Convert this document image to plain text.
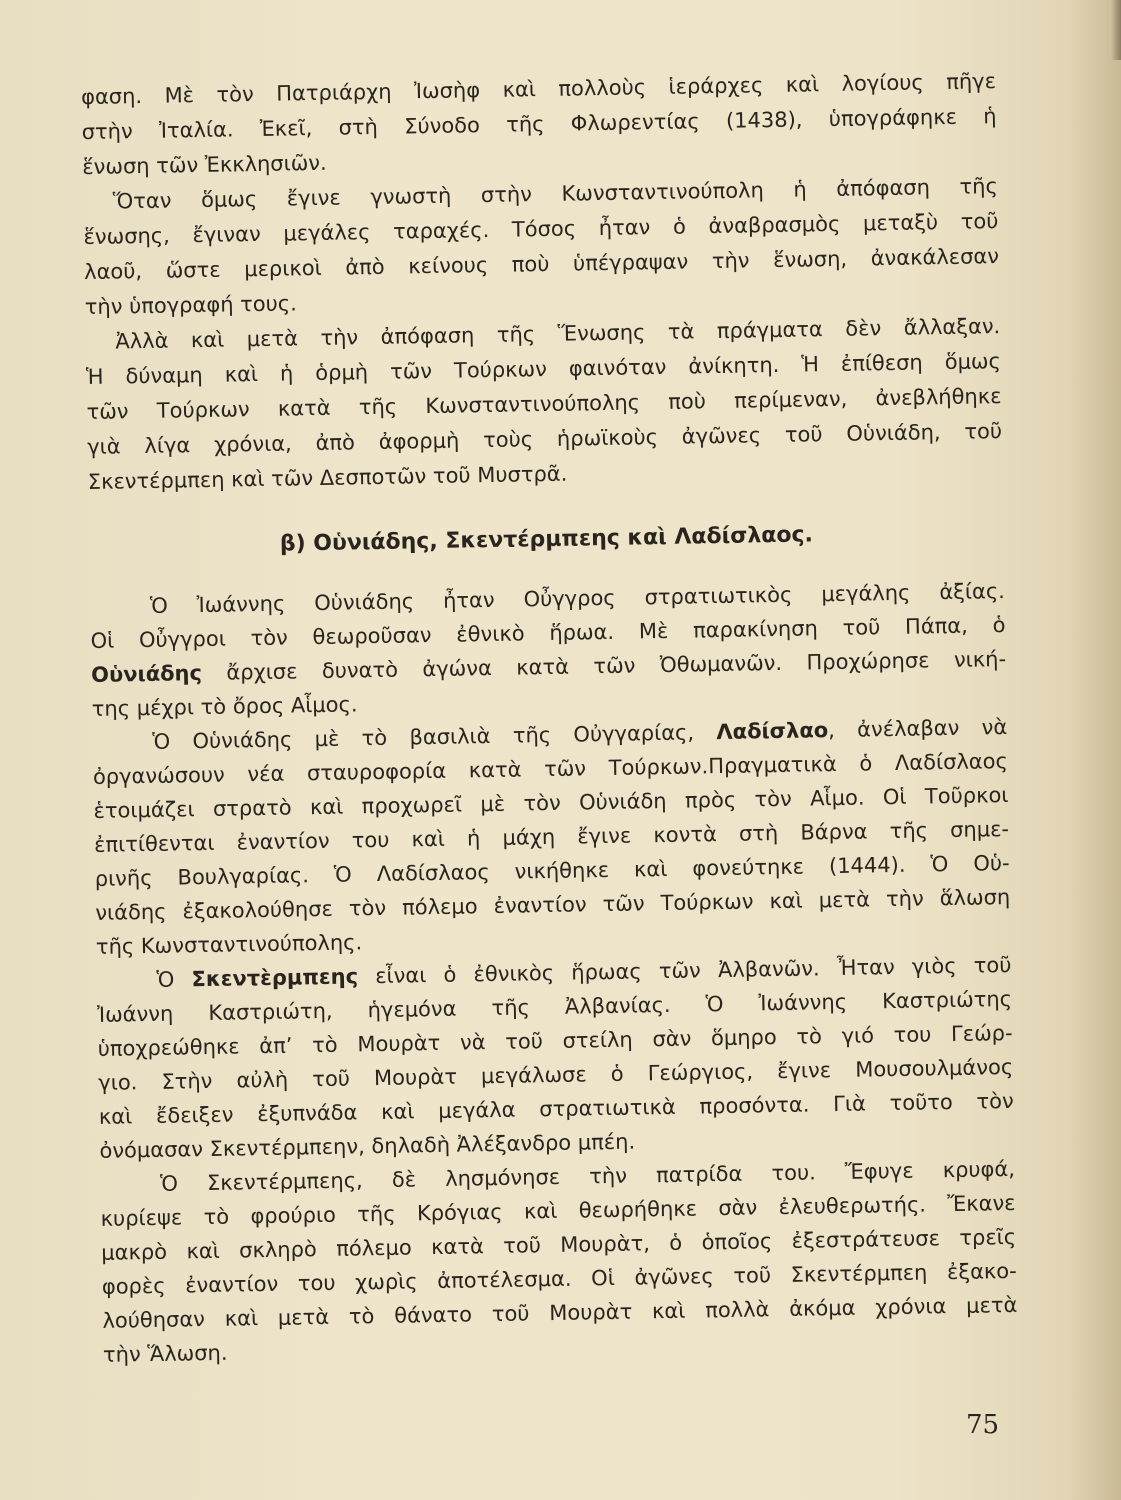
φαση. Μὲ τὸν Πατριάρχη Ἰωσὴφ καὶ πολλοὺς ἱεράρχες καὶ λογίους πῆγε
στὴν Ἰταλία. Ἐκεῖ, στὴ Σύνοδο τῆς Φλωρεντίας (1438), ὑπογράφηκε ἡ
ἕνωση τῶν Ἐκκλησιῶν.
Ὅταν ὅμως ἔγινε γνωστὴ στὴν Κωνσταντινούπολη ἡ ἀπόφαση τῆς
ἕνωσης, ἔγιναν μεγάλες ταραχές. Τόσος ἦταν ὁ ἀναβρασμὸς μεταξὺ τοῦ
λαοῦ, ὥστε μερικοὶ ἀπὸ κείνους ποὺ ὑπέγραψαν τὴν ἕνωση, ἀνακάλεσαν
τὴν ὑπογραφή τους.
Ἀλλὰ καὶ μετὰ τὴν ἀπόφαση τῆς Ἕνωσης τὰ πράγματα δὲν ἄλλαξαν.
Ἡ δύναμη καὶ ἡ ὁρμὴ τῶν Τούρκων φαινόταν ἀνίκητη. Ἡ ἐπίθεση ὅμως
τῶν Τούρκων κατὰ τῆς Κωνσταντινούπολης ποὺ περίμεναν, ἀνεβλήθηκε
γιὰ λίγα χρόνια, ἀπὸ ἀφορμὴ τοὺς ἡρωϊκοὺς ἀγῶνες τοῦ Οὑνιάδη, τοῦ
Σκεντέρμπεη καὶ τῶν Δεσποτῶν τοῦ Μυστρᾶ.
β) Οὑνιάδης, Σκεντέρμπεης καὶ Λαδίσλαος.
Ὁ Ἰωάννης Οὑνιάδης ἦταν Οὖγγρος στρατιωτικὸς μεγάλης ἀξίας.
Οἱ Οὖγγροι τὸν θεωροῦσαν ἐθνικὸ ἥρωα. Μὲ παρακίνηση τοῦ Πάπα, ὁ
Οὑνιάδης ἄρχισε δυνατὸ ἀγώνα κατὰ τῶν Ὀθωμανῶν. Προχώρησε νική-
της μέχρι τὸ ὄρος Αἷμος.
Ὁ Οὑνιάδης μὲ τὸ βασιλιὰ τῆς Οὐγγαρίας, Λαδίσλαο, ἀνέλαβαν νὰ
ὀργανώσουν νέα σταυροφορία κατὰ τῶν Τούρκων.Πραγματικὰ ὁ Λαδίσλαος
ἑτοιμάζει στρατὸ καὶ προχωρεῖ μὲ τὸν Οὑνιάδη πρὸς τὸν Αἷμο. Οἱ Τοῦρκοι
ἐπιτίθενται ἐναντίον του καὶ ἡ μάχη ἔγινε κοντὰ στὴ Βάρνα τῆς σημε-
ρινῆς Βουλγαρίας. Ὁ Λαδίσλαος νικήθηκε καὶ φονεύτηκε (1444). Ὁ Οὑ-
νιάδης ἐξακολούθησε τὸν πόλεμο ἐναντίον τῶν Τούρκων καὶ μετὰ τὴν ἅλωση
τῆς Κωνσταντινούπολης.
Ὁ Σκεντὲρμπεης εἶναι ὁ ἐθνικὸς ἥρωας τῶν Ἀλβανῶν. Ἦταν γιὸς τοῦ
Ἰωάννη Καστριώτη, ἡγεμόνα τῆς Ἀλβανίας. Ὁ Ἰωάννης Καστριώτης
ὑποχρεώθηκε ἀπ’ τὸ Μουρὰτ νὰ τοῦ στείλη σὰν ὅμηρο τὸ γιό του Γεώρ-
γιο. Στὴν αὐλὴ τοῦ Μουρὰτ μεγάλωσε ὁ Γεώργιος, ἔγινε Μουσουλμάνος
καὶ ἔδειξεν ἐξυπνάδα καὶ μεγάλα στρατιωτικὰ προσόντα. Γιὰ τοῦτο τὸν
ὀνόμασαν Σκεντέρμπεην, δηλαδὴ Ἀλέξανδρο μπέη.
Ὁ Σκεντέρμπεης, δὲ λησμόνησε τὴν πατρίδα του. Ἔφυγε κρυφά,
κυρίεψε τὸ φρούριο τῆς Κρόγιας καὶ θεωρήθηκε σὰν ἐλευθερωτής. Ἔκανε
μακρὸ καὶ σκληρὸ πόλεμο κατὰ τοῦ Μουρὰτ, ὁ ὁποῖος ἐξεστράτευσε τρεῖς
φορὲς ἐναντίον του χωρὶς ἀποτέλεσμα. Οἱ ἀγῶνες τοῦ Σκεντέρμπεη ἐξακο-
λούθησαν καὶ μετὰ τὸ θάνατο τοῦ Μουρὰτ καὶ πολλὰ ἀκόμα χρόνια μετὰ
τὴν Ἅλωση.
75
